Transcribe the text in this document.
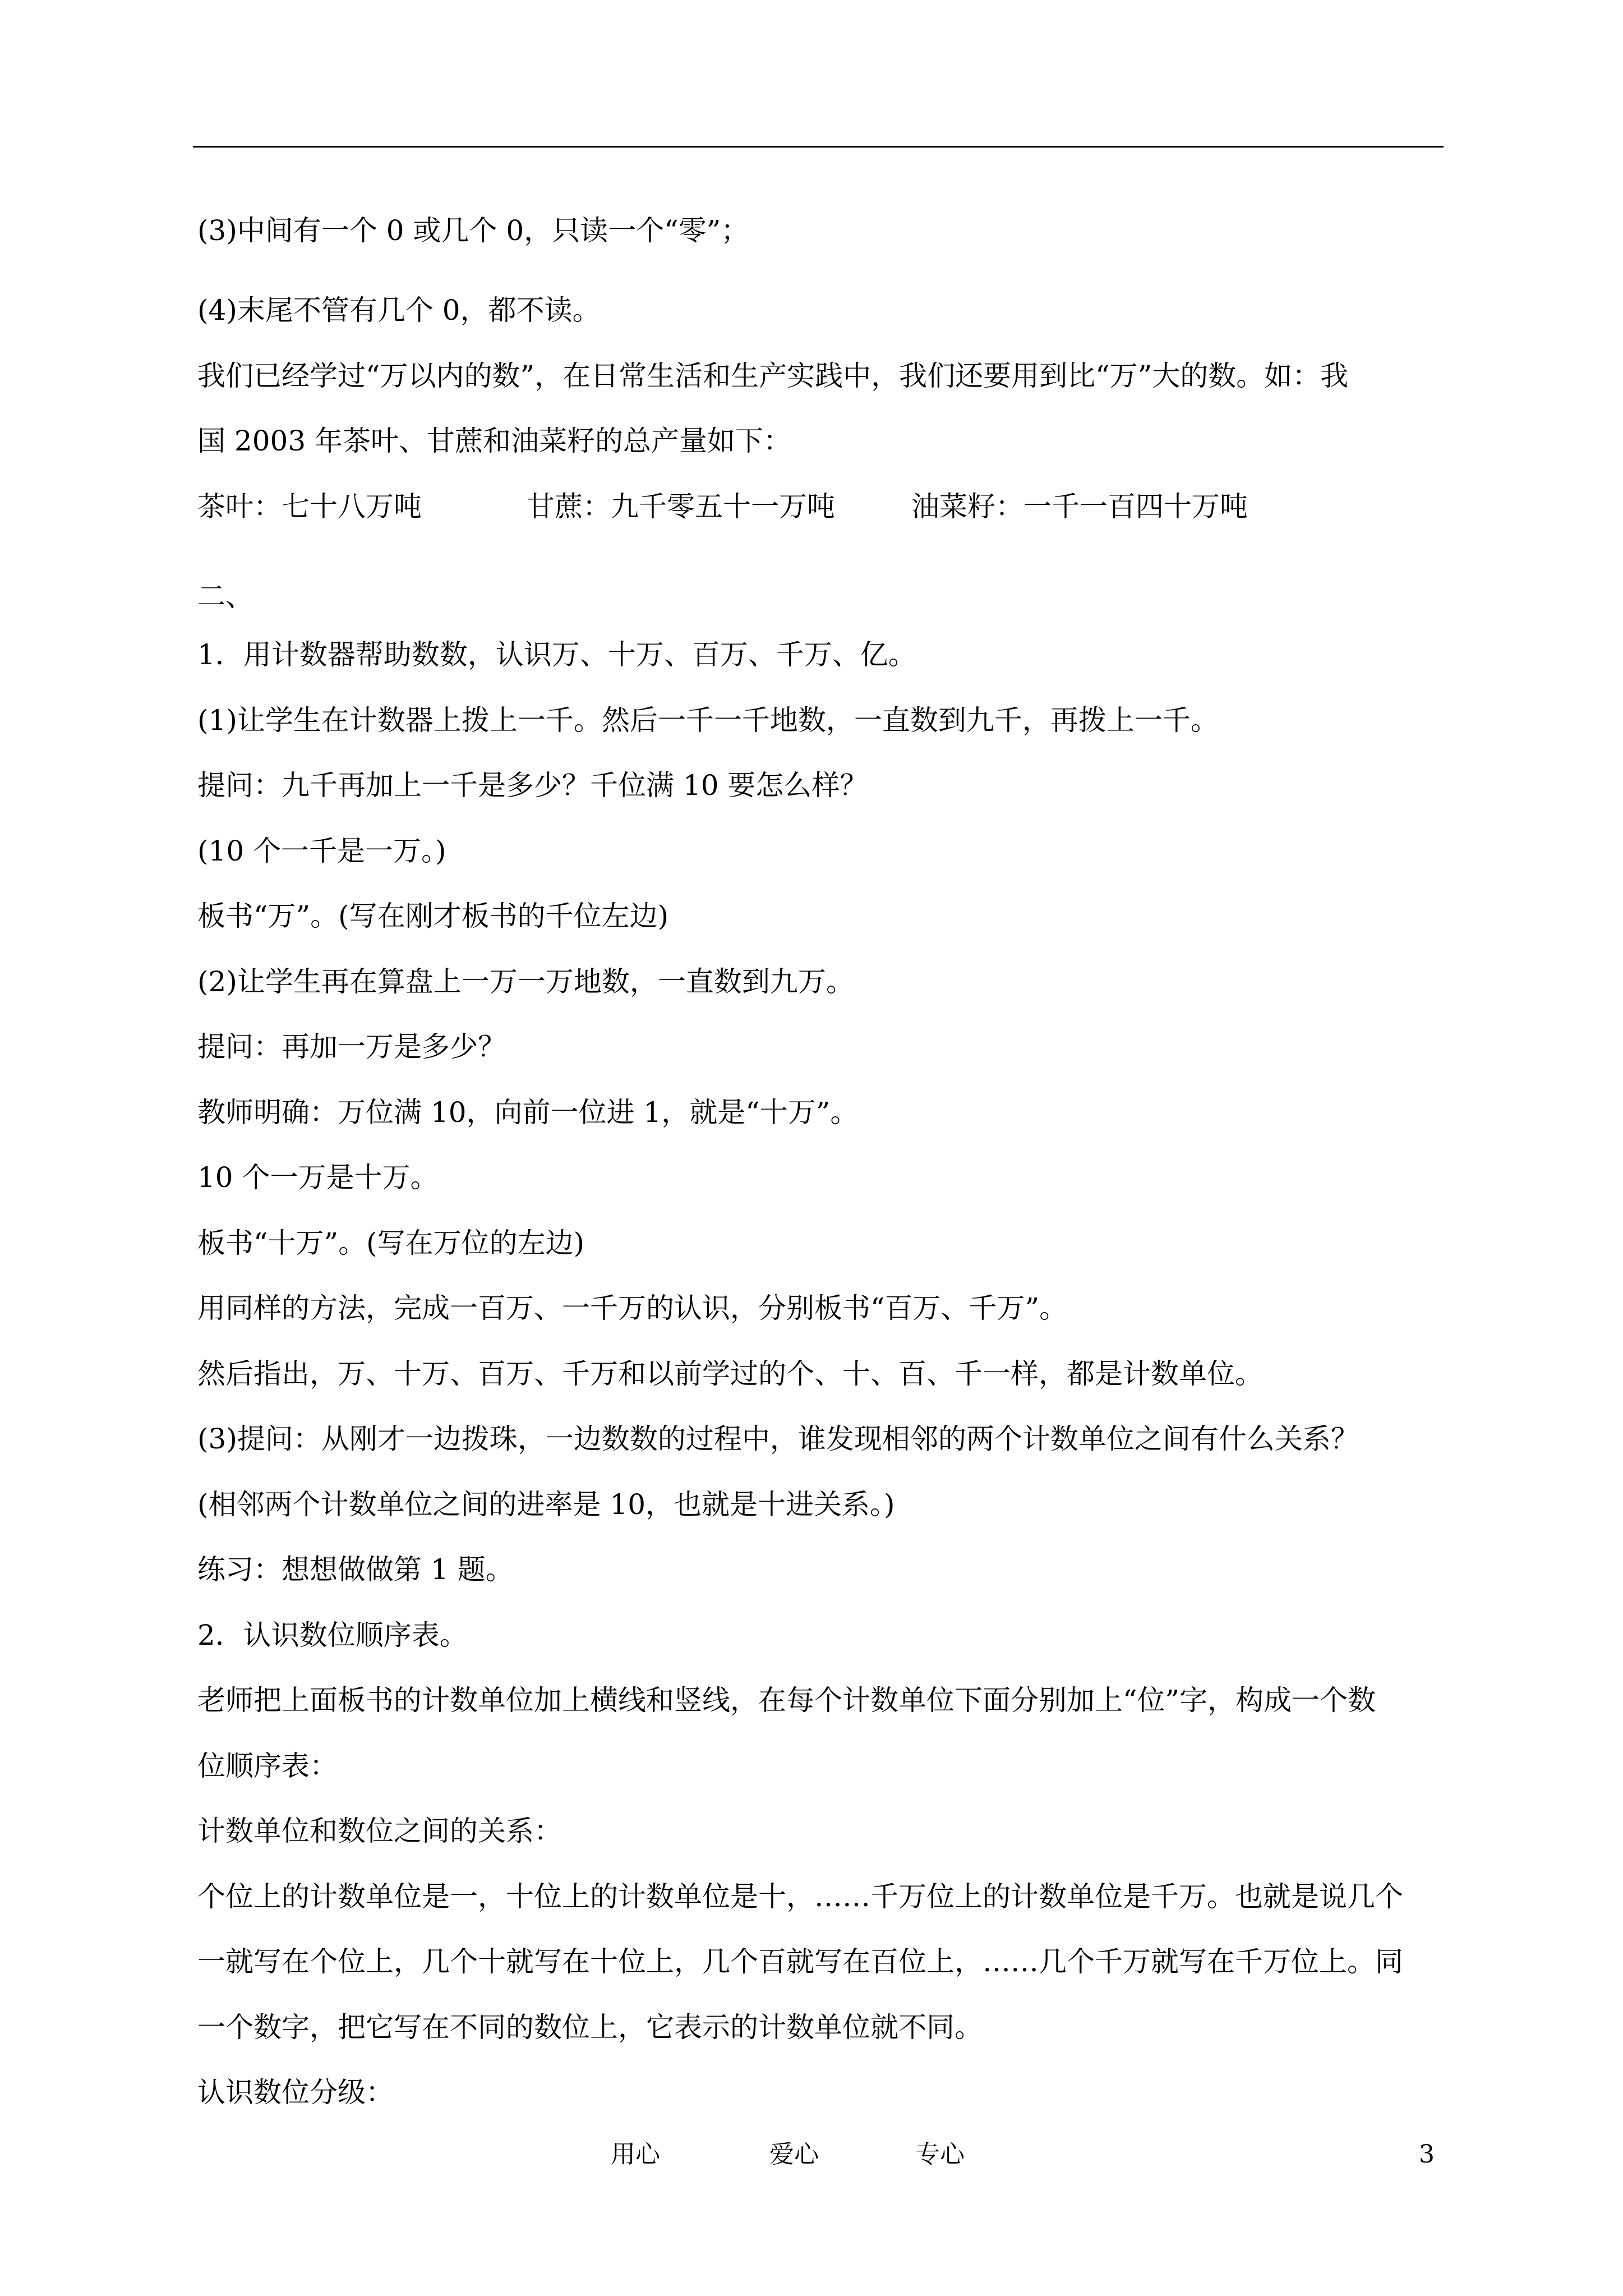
(3)中间有一个 0 或几个 0，只读一个“零”；
(4)末尾不管有几个 0，都不读。
我们已经学过“万以内的数”，在日常生活和生产实践中，我们还要用到比“万”大的数。如：我
国 2003 年茶叶、甘蔗和油菜籽的总产量如下：
茶叶：七十八万吨	甘蔗：九千零五十一万吨	油菜籽：一千一百四十万吨
二、
1．用计数器帮助数数，认识万、十万、百万、千万、亿。
(1)让学生在计数器上拨上一千。然后一千一千地数，一直数到九千，再拨上一千。
提问：九千再加上一千是多少？千位满 10 要怎么样？
(10 个一千是一万。)
板书“万”。(写在刚才板书的千位左边)
(2)让学生再在算盘上一万一万地数，一直数到九万。
提问：再加一万是多少？
教师明确：万位满 10，向前一位进 1，就是“十万”。
10 个一万是十万。
板书“十万”。(写在万位的左边)
用同样的方法，完成一百万、一千万的认识，分别板书“百万、千万”。
然后指出，万、十万、百万、千万和以前学过的个、十、百、千一样，都是计数单位。
(3)提问：从刚才一边拨珠，一边数数的过程中，谁发现相邻的两个计数单位之间有什么关系？
(相邻两个计数单位之间的进率是 10，也就是十进关系。)
练习：想想做做第 1 题。
2．认识数位顺序表。
老师把上面板书的计数单位加上横线和竖线，在每个计数单位下面分别加上“位”字，构成一个数
位顺序表：
计数单位和数位之间的关系：
个位上的计数单位是一，十位上的计数单位是十，……千万位上的计数单位是千万。也就是说几个
一就写在个位上，几个十就写在十位上，几个百就写在百位上，……几个千万就写在千万位上。同
一个数字，把它写在不同的数位上，它表示的计数单位就不同。
认识数位分级：
用心	爱心	专心	3
